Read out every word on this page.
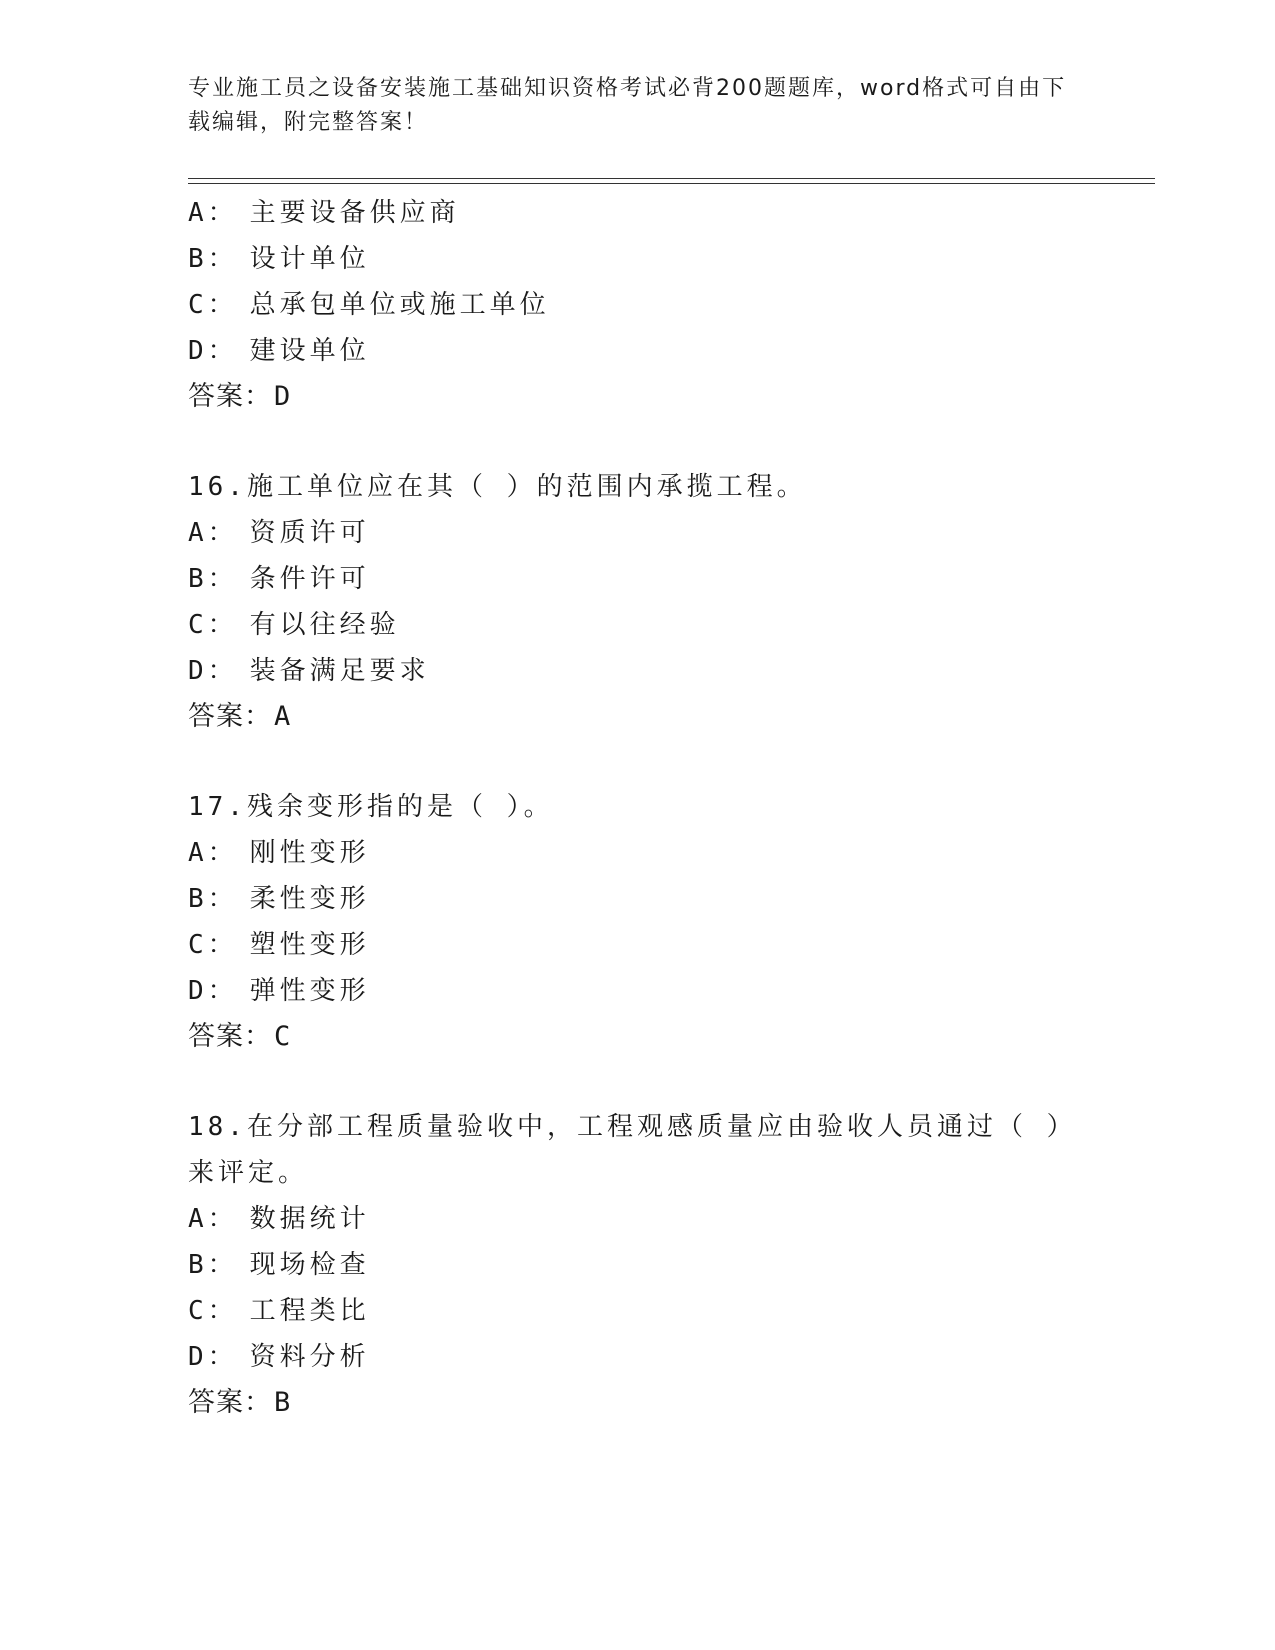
专业施工员之设备安装施工基础知识资格考试必背200题题库，word格式可自由下载编辑，附完整答案！
A： 主要设备供应商
B： 设计单位
C： 总承包单位或施工单位
D： 建设单位
答案：D
16.施工单位应在其（ ）的范围内承揽工程。
A： 资质许可
B： 条件许可
C： 有以往经验
D： 装备满足要求
答案：A
17.残余变形指的是（ ）。
A： 刚性变形
B： 柔性变形
C： 塑性变形
D： 弹性变形
答案：C
18.在分部工程质量验收中，工程观感质量应由验收人员通过（ ）来评定。
A： 数据统计
B： 现场检查
C： 工程类比
D： 资料分析
答案：B
